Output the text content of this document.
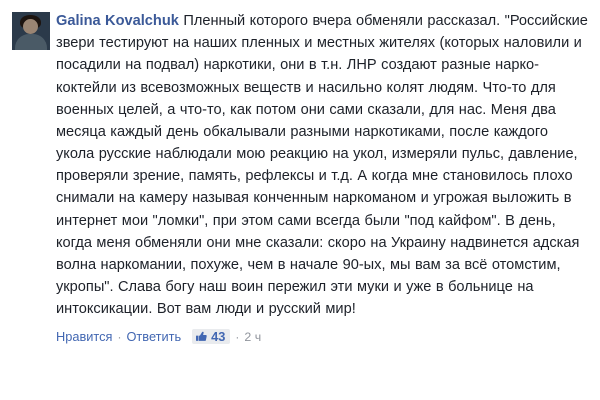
Galina Kovalchuk Пленный которого вчера обменяли рассказал. "Российские звери тестируют на наших пленных и местных жителях (которых наловили и посадили на подвал) наркотики, они в т.н. ЛНР создают разные нарко-коктейли из всевозможных веществ и насильно колят людям. Что-то для военных целей, а что-то, как потом они сами сказали, для нас. Меня два месяца каждый день обкалывали разными наркотиками, после каждого укола русские наблюдали мою реакцию на укол, измеряли пульс, давление, проверяли зрение, память, рефлексы и т.д. А когда мне становилось плохо снимали на камеру называя конченным наркоманом и угрожая выложить в интернет мои "ломки", при этом сами всегда были "под кайфом". В день, когда меня обменяли они мне сказали: скоро на Украину надвинется адская волна наркомании, похуже, чем в начале 90-ых, мы вам за всё отомстим, укропы". Слава богу наш воин пережил эти муки и уже в больнице на интоксикации. Вот вам люди и русский мир!
Нравится · Ответить 43 · 2 ч
